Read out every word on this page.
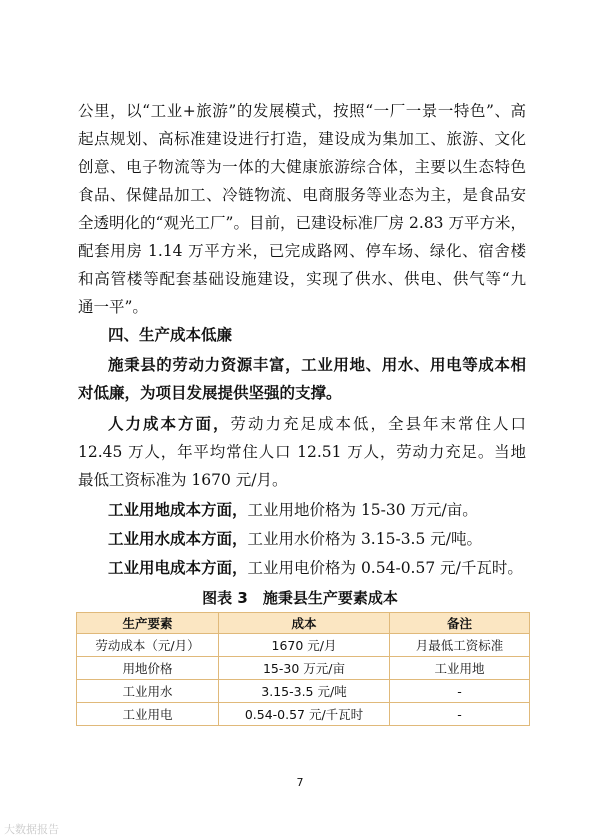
公里，以“工业+旅游”的发展模式，按照“一厂一景一特色”、高
起点规划、高标准建设进行打造，建设成为集加工、旅游、文化
创意、电子物流等为一体的大健康旅游综合体，主要以生态特色
食品、保健品加工、冷链物流、电商服务等业态为主，是食品安
全透明化的“观光工厂”。目前，已建设标准厂房 2.83 万平方米，
配套用房 1.14 万平方米，已完成路网、停车场、绿化、宿舍楼
和高管楼等配套基础设施建设，实现了供水、供电、供气等“九
通一平”。
四、生产成本低廉
施秉县的劳动力资源丰富，工业用地、用水、用电等成本相
对低廉，为项目发展提供坚强的支撑。
人力成本方面，劳动力充足成本低，全县年末常住人口
12.45 万人，年平均常住人口 12.51 万人，劳动力充足。当地
最低工资标准为 1670 元/月。
工业用地成本方面，工业用地价格为 15-30 万元/亩。
工业用水成本方面，工业用水价格为 3.15-3.5 元/吨。
工业用电成本方面，工业用电价格为 0.54-0.57 元/千瓦时。
图表 3　施秉县生产要素成本
生产要素	成本	备注
劳动成本（元/月）	1670 元/月	月最低工资标准
用地价格	15-30 万元/亩	工业用地
工业用水	3.15-3.5 元/吨	-
工业用电	0.54-0.57 元/千瓦时	-
7
大数据报告
